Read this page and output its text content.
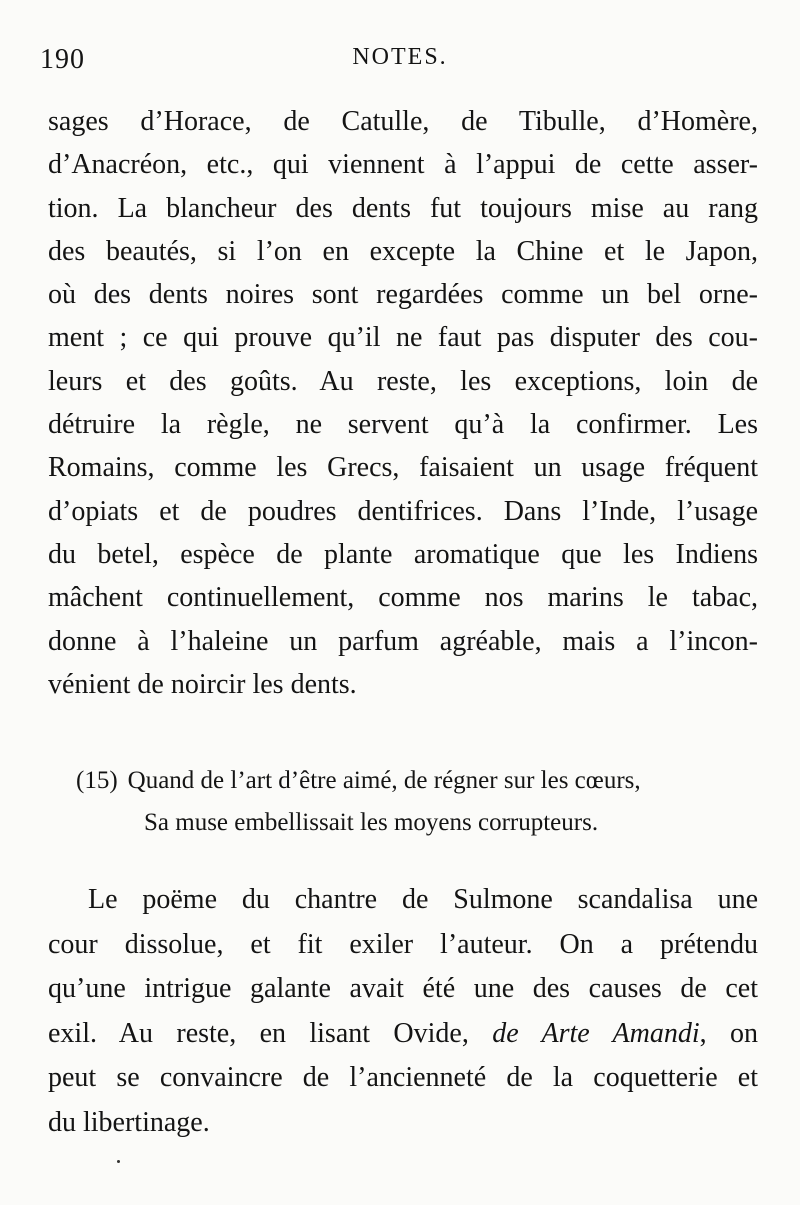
190	NOTES.
sages d’Horace, de Catulle, de Tibulle, d’Homère,
d’Anacréon, etc., qui viennent à l’appui de cette asser-
tion. La blancheur des dents fut toujours mise au rang
des beautés, si l’on en excepte la Chine et le Japon,
où des dents noires sont regardées comme un bel orne-
ment ; ce qui prouve qu’il ne faut pas disputer des cou-
leurs et des goûts. Au reste, les exceptions, loin de
détruire la règle, ne servent qu’à la confirmer. Les
Romains, comme les Grecs, faisaient un usage fréquent
d’opiats et de poudres dentifrices. Dans l’Inde, l’usage
du betel, espèce de plante aromatique que les Indiens
mâchent continuellement, comme nos marins le tabac,
donne à l’haleine un parfum agréable, mais a l’incon-
vénient de noircir les dents.
(15) Quand de l’art d’être aimé, de régner sur les cœurs,
Sa muse embellissait les moyens corrupteurs.
Le poëme du chantre de Sulmone scandalisa une
cour dissolue, et fit exiler l’auteur. On a prétendu
qu’une intrigue galante avait été une des causes de cet
exil. Au reste, en lisant Ovide, de Arte Amandi, on
peut se convaincre de l’ancienneté de la coquetterie et
du libertinage.
